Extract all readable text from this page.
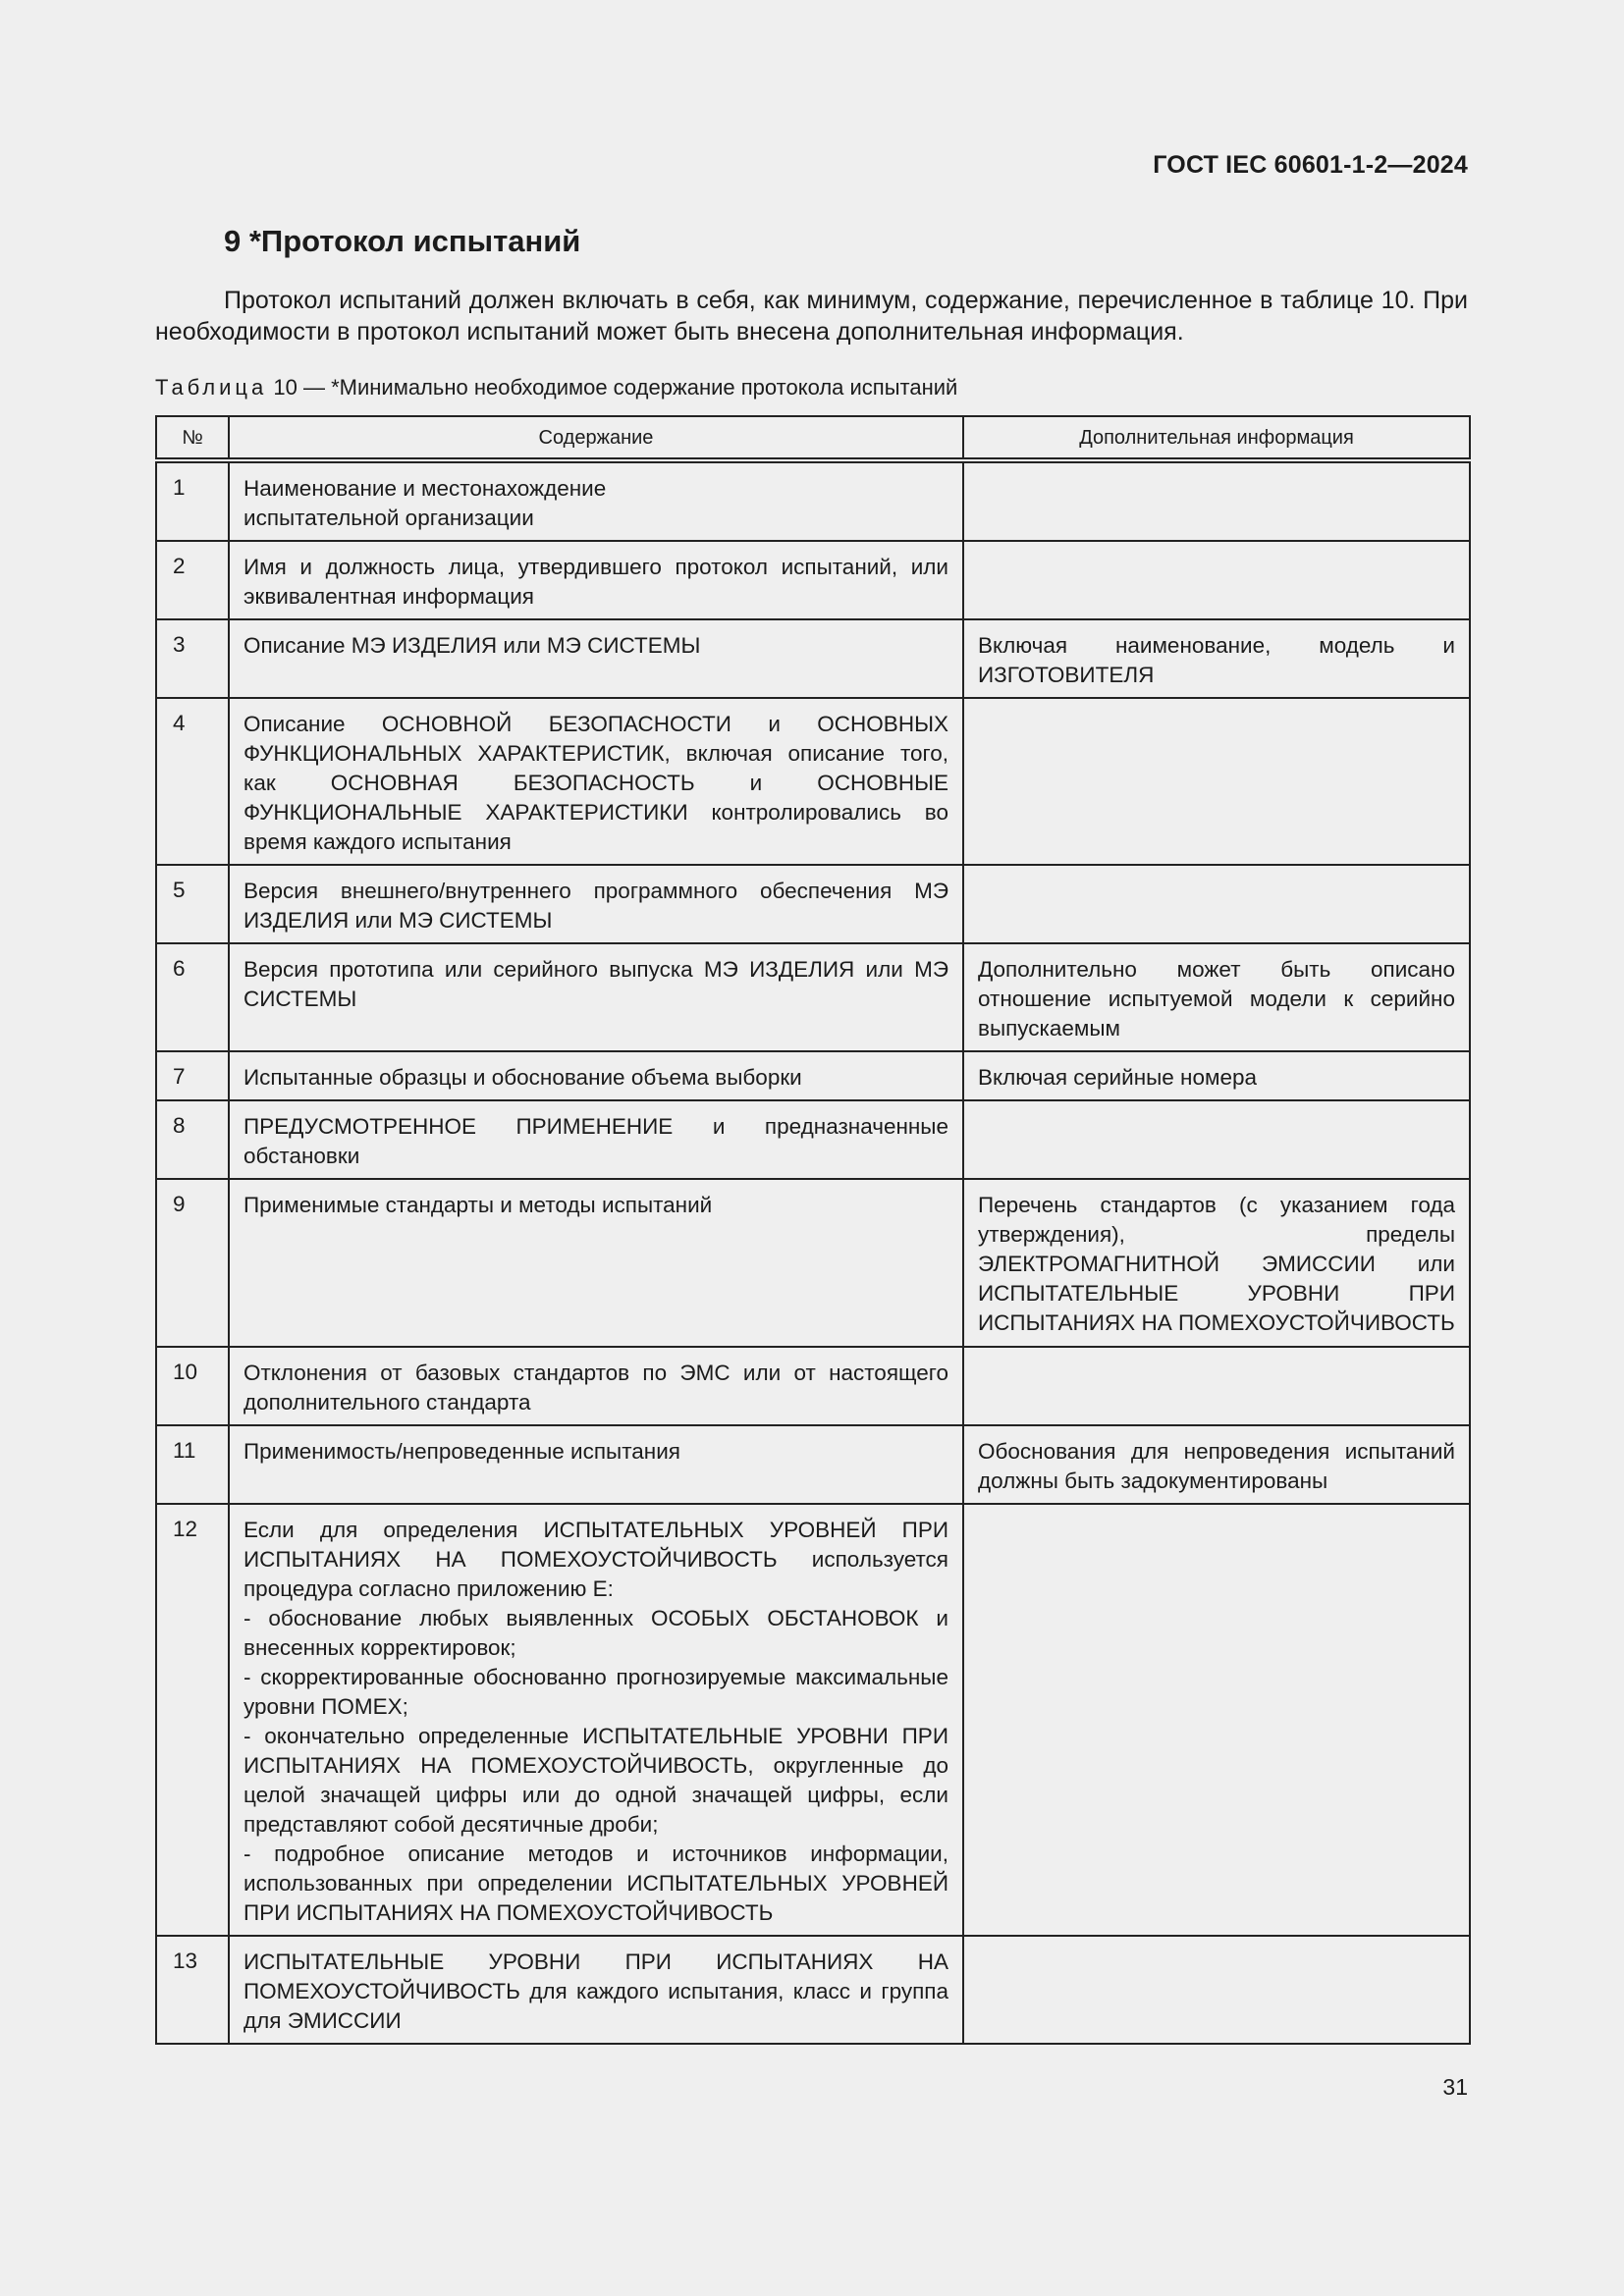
ГОСТ IEC 60601-1-2—2024
9 *Протокол испытаний

Протокол испытаний должен включать в себя, как минимум, содержание, перечисленное в таблице 10. При необходимости в протокол испытаний может быть внесена дополнительная информация.

Таблица 10 — *Минимально необходимое содержание протокола испытаний
№	Содержание	Дополнительная информация
1	Наименование и местонахождение
испытательной организации	

2	Имя и должность лица, утвердившего протокол испытаний, или эквивалентная информация	

3	Описание МЭ ИЗДЕЛИЯ или МЭ СИСТЕМЫ	Включая наименование, модель и ИЗГОТОВИТЕЛЯ
4	Описание ОСНОВНОЙ БЕЗОПАСНОСТИ и ОСНОВНЫХ ФУНКЦИОНАЛЬНЫХ ХАРАКТЕРИСТИК, включая описание того, как ОСНОВНАЯ БЕЗОПАСНОСТЬ и ОСНОВНЫЕ ФУНКЦИОНАЛЬНЫЕ ХАРАКТЕРИСТИКИ контролировались во время каждого испытания	

5	Версия внешнего/внутреннего программного обеспечения МЭ ИЗДЕЛИЯ или МЭ СИСТЕМЫ	

6	Версия прототипа или серийного выпуска МЭ ИЗДЕЛИЯ или МЭ СИСТЕМЫ	Дополнительно может быть описано отношение испытуемой модели к серийно выпускаемым
7	Испытанные образцы и обоснование объема выборки	Включая серийные номера
8	ПРЕДУСМОТРЕННОЕ ПРИМЕНЕНИЕ и предназначенные обстановки	

9	Применимые стандарты и методы испытаний	Перечень стандартов (с указанием года утверждения), пределы ЭЛЕКТРОМАГНИТНОЙ ЭМИССИИ или ИСПЫТАТЕЛЬНЫЕ УРОВНИ ПРИ ИСПЫТАНИЯХ НА ПОМЕХОУСТОЙЧИВОСТЬ
10	Отклонения от базовых стандартов по ЭМС или от настоящего дополнительного стандарта	

11	Применимость/непроведенные испытания	Обоснования для непроведения испытаний должны быть задокументированы
12	Если для определения ИСПЫТАТЕЛЬНЫХ УРОВНЕЙ ПРИ ИСПЫТАНИЯХ НА ПОМЕХОУСТОЙЧИВОСТЬ используется процедура согласно приложению Е:
- обоснование любых выявленных ОСОБЫХ ОБСТАНОВОК и внесенных корректировок;
- скорректированные обоснованно прогнозируемые максимальные уровни ПОМЕХ;
- окончательно определенные ИСПЫТАТЕЛЬНЫЕ УРОВНИ ПРИ ИСПЫТАНИЯХ НА ПОМЕХОУСТОЙЧИВОСТЬ, округленные до целой значащей цифры или до одной значащей цифры, если представляют собой десятичные дроби;
- подробное описание методов и источников информации, использованных при определении ИСПЫТАТЕЛЬНЫХ УРОВНЕЙ ПРИ ИСПЫТАНИЯХ НА ПОМЕХОУСТОЙЧИВОСТЬ	

13	ИСПЫТАТЕЛЬНЫЕ УРОВНИ ПРИ ИСПЫТАНИЯХ НА ПОМЕХОУСТОЙЧИВОСТЬ для каждого испытания, класс и группа для ЭМИССИИ	

31
